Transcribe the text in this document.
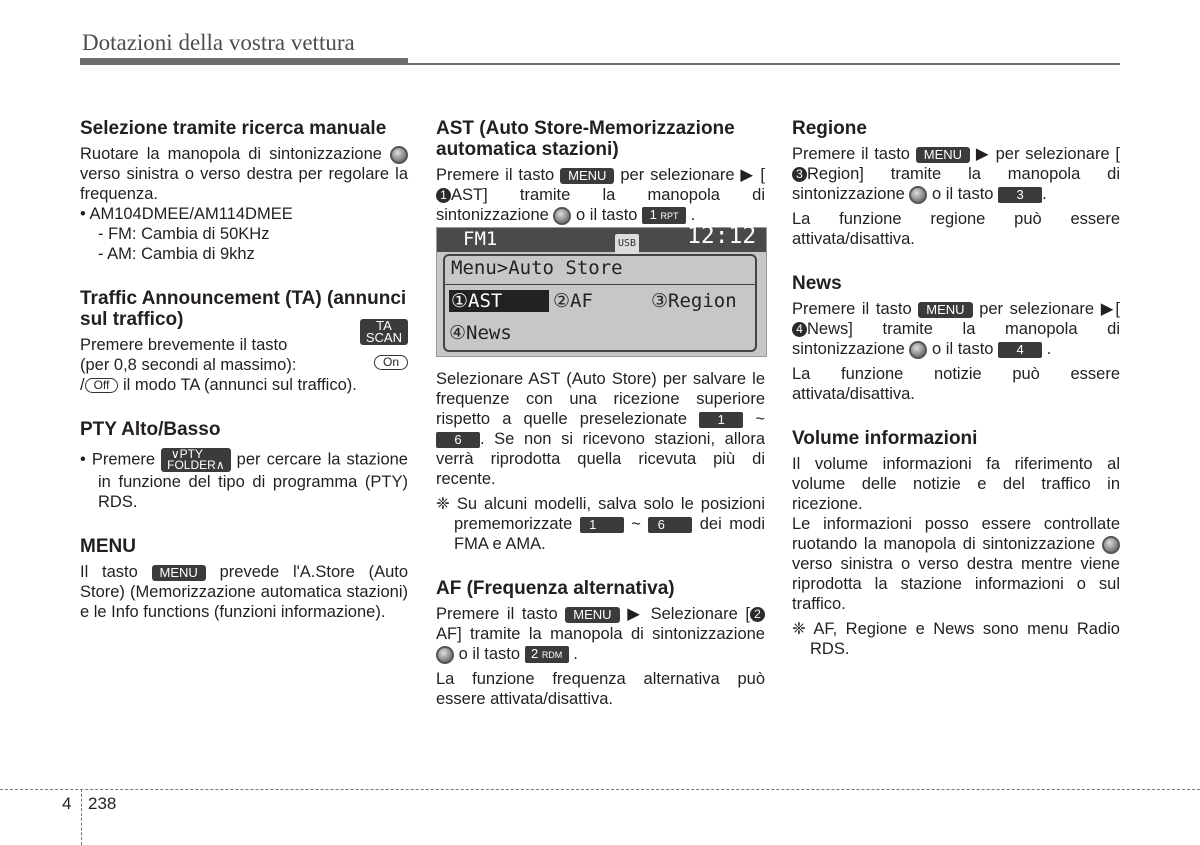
Dotazioni della vostra vettura
Selezione tramite ricerca manuale

Ruotare la manopola di sintonizzazione  verso sinistra o verso destra per regolare la frequenza.

• AM104DMEE/AM114DMEE

- FM: Cambia di 50KHz

- AM: Cambia di 9khz

Traffic Announcement (TA) (annunci sul traffico)

Premere brevemente il tasto
TA
SCAN

(per 0,8 secondi al massimo):	On

/ Off il modo TA (annunci sul traffico).

PTY Alto/Basso

• Premere ∨PTY
FOLDER∧ per cercare la stazione in funzione del tipo di programma (PTY) RDS.

MENU

Il tasto MENU prevede l'A.Store (Auto Store) (Memorizzazione automatica stazioni) e le Info functions (funzioni informazione).

AST (Auto Store-Memorizzazione automatica stazioni)

Premere il tasto MENU per selezionare ▶ [1 AST] tramite la manopola di sintonizzazione o il tasto 1 RPT .

FM1	USB 12:12
Menu>Auto Store
①AST	②AF	③Region
④News

Selezionare AST (Auto Store) per salvare le frequenze con una ricezione superiore rispetto a quelle preselezionate 1 ~ 6 . Se non si ricevono stazioni, allora verrà riprodotta quella ricevuta più di recente.

❈ Su alcuni modelli, salva solo le posizioni prememorizzate 1 ~ 6 dei modi FMA e AMA.

AF (Frequenza alternativa)

Premere il tasto MENU ▶ Selezionare [ 2AF] tramite la manopola di sintonizzazione  o il tasto 2 RDM .

La funzione frequenza alternativa può essere attivata/disattiva.

Regione

Premere il tasto MENU ▶ per selezionare [3 Region] tramite la manopola di sintonizzazione o il tasto 3 .

La funzione regione può essere attivata/disattiva.

News

Premere il tasto MENU per selezionare ▶[4 News] tramite la manopola di sintonizzazione o il tasto 4 .

La funzione notizie può essere attivata/disattiva.

Volume informazioni

Il volume informazioni fa riferimento al volume delle notizie e del traffico in ricezione.

Le informazioni posso essere controllate ruotando la manopola di sintonizzazione  verso sinistra o verso destra mentre viene riprodotta la stazione informazioni o sul traffico.

❈ AF, Regione e News sono menu Radio RDS.

4 238
